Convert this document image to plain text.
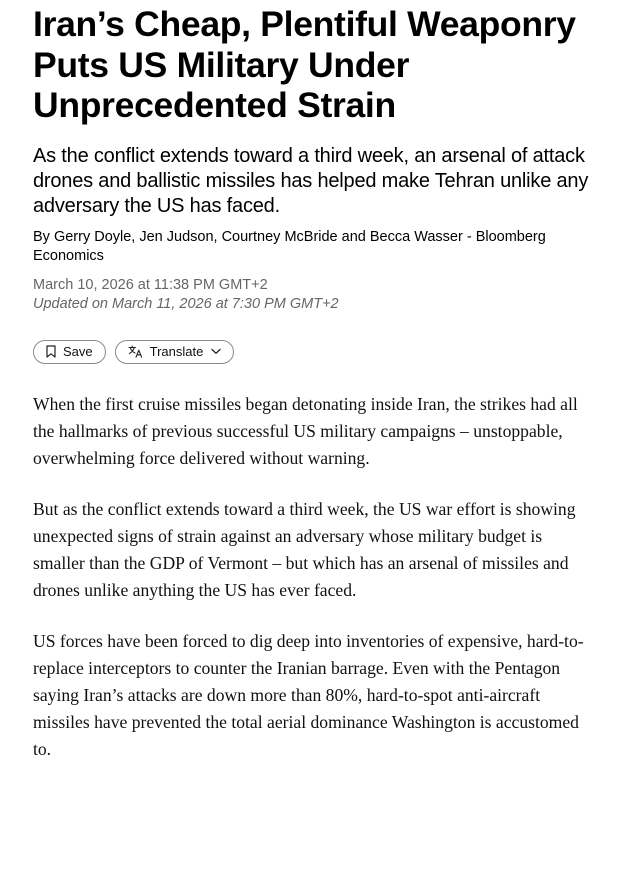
Iran’s Cheap, Plentiful Weaponry Puts US Military Under Unprecedented Strain

As the conflict extends toward a third week, an arsenal of attack drones and ballistic missiles has helped make Tehran unlike any adversary the US has faced.

By Gerry Doyle, Jen Judson, Courtney McBride and Becca Wasser - Bloomberg Economics

March 10, 2026 at 11:38 PM GMT+2
Updated on March 11, 2026 at 7:30 PM GMT+2
Save	Translate

When the first cruise missiles began detonating inside Iran, the strikes had all the hallmarks of previous successful US military campaigns – unstoppable, overwhelming force delivered without warning.

But as the conflict extends toward a third week, the US war effort is showing unexpected signs of strain against an adversary whose military budget is smaller than the GDP of Vermont – but which has an arsenal of missiles and drones unlike anything the US has ever faced.

US forces have been forced to dig deep into inventories of expensive, hard-to-replace interceptors to counter the Iranian barrage. Even with the Pentagon saying Iran’s attacks are down more than 80%, hard-to-spot anti-aircraft missiles have prevented the total aerial dominance Washington is accustomed to.
